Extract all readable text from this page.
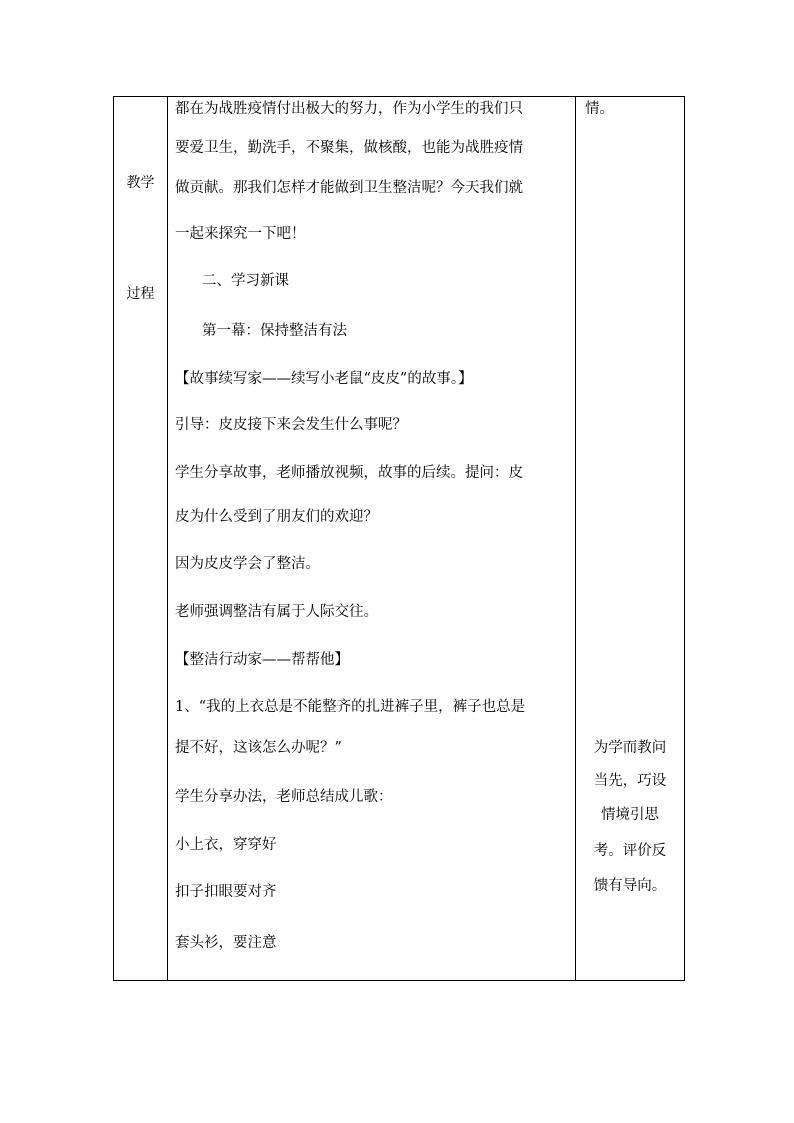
教学
过程

都在为战胜疫情付出极大的努力，作为小学生的我们只
要爱卫生，勤洗手，不聚集，做核酸，也能为战胜疫情
做贡献。那我们怎样才能做到卫生整洁呢？今天我们就
一起来探究一下吧！
二、学习新课
第一幕：保持整洁有法
【故事续写家——续写小老鼠“皮皮”的故事。】
引导：皮皮接下来会发生什么事呢？
学生分享故事，老师播放视频，故事的后续。提问：皮
皮为什么受到了朋友们的欢迎？
因为皮皮学会了整洁。
老师强调整洁有属于人际交往。
【整洁行动家——帮帮他】
1、“我的上衣总是不能整齐的扎进裤子里，裤子也总是
提不好，这该怎么办呢？”
学生分享办法，老师总结成儿歌：
小上衣，穿穿好
扣子扣眼要对齐
套头衫，要注意

情。
为学而教问
当先，巧设
情境引思
考。评价反
馈有导向。
